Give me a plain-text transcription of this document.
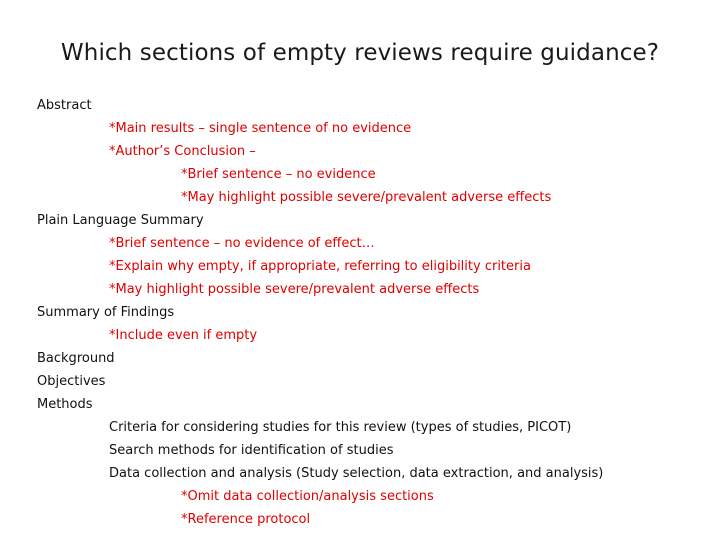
Which sections of empty reviews require guidance?
Abstract
*Main results – single sentence of no evidence
*Author’s Conclusion –
*Brief sentence – no evidence
*May highlight possible severe/prevalent adverse effects
Plain Language Summary
*Brief sentence – no evidence of effect…
*Explain why empty, if appropriate, referring to eligibility criteria
*May highlight possible severe/prevalent adverse effects
Summary of Findings
*Include even if empty
Background
Objectives
Methods
Criteria for considering studies for this review (types of studies, PICOT)
Search methods for identification of studies
Data collection and analysis (Study selection, data extraction, and analysis)
*Omit data collection/analysis sections
*Reference protocol
